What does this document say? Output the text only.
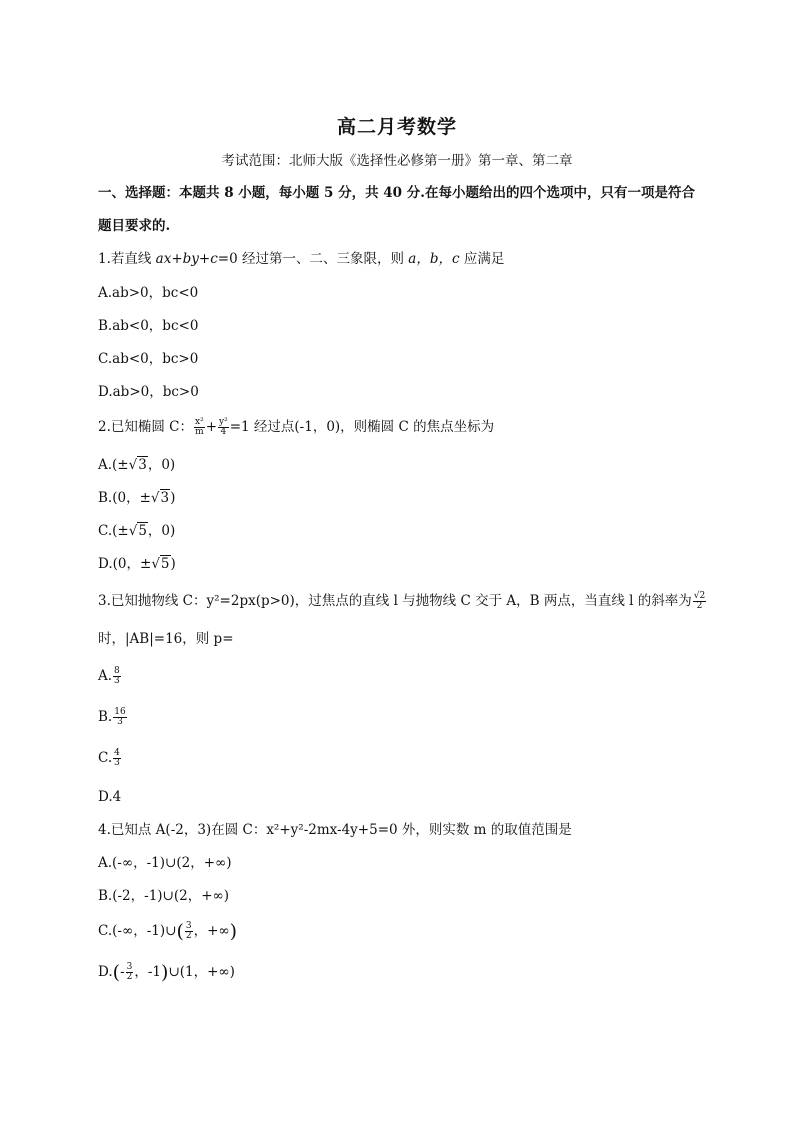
高二月考数学
考试范围：北师大版《选择性必修第一册》第一章、第二章
一、选择题：本题共 8 小题，每小题 5 分，共 40 分.在每小题给出的四个选项中，只有一项是符合
题目要求的.
1.若直线 ax+by+c=0 经过第一、二、三象限，则 a，b，c 应满足
A.ab>0，bc<0
B.ab<0，bc<0
C.ab<0，bc>0
D.ab>0，bc>0
2.已知椭圆 C： $\frac{\text{x²}}{m} + \frac{\text{y²}}{4} =1$ 经过点(-1，0)，则椭圆 C 的焦点坐标为
A.(±√3，0)
B.(0，±√3)
C.(±√5，0)
D.(0，±√5)
3.已知抛物线 C：y²=2px(p>0)，过焦点的直线 l 与抛物线 C 交于 A，B 两点，当直线 l 的斜率为 $\frac{√2}{2}$
时，|AB|=16，则 p=
A. $\frac{8}{3}$
B. $\frac{16}{3}$
C. $\frac{4}{3}$
D.4
4.已知点 A(-2，3)在圆 C：x²+y²-2mx-4y+5=0 外，则实数 m 的取值范围是
A.(-∞，-1)∪(2，+∞)
B.(-2，-1)∪(2，+∞)
C.(-∞，-1)∪( $\frac{3}{2}$ ，+∞)
$D.(- \frac{3}{2}$ ，-1)∪(1，+∞)
